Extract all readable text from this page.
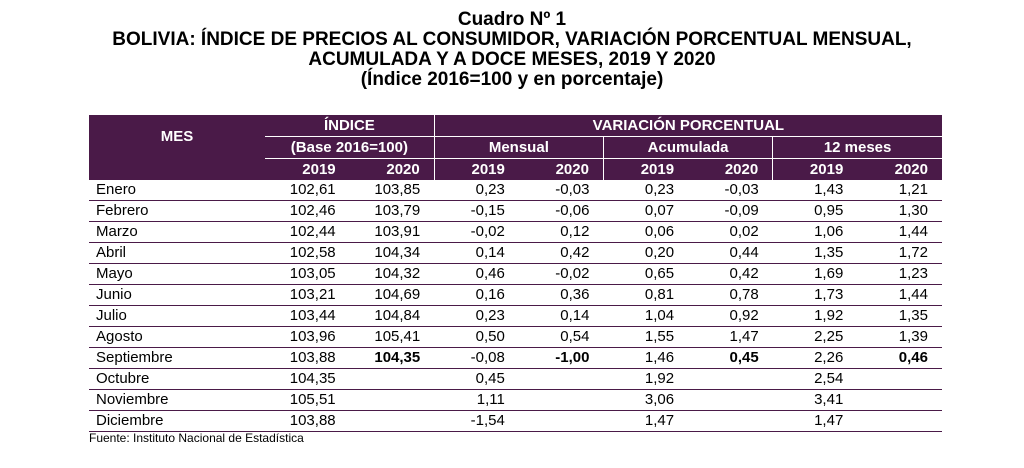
Cuadro Nº 1
BOLIVIA: ÍNDICE DE PRECIOS AL CONSUMIDOR, VARIACIÓN PORCENTUAL MENSUAL,
ACUMULADA Y A DOCE MESES, 2019 Y 2020
(Índice 2016=100 y en porcentaje)
MES	ÍNDICE		VARIACIÓN PORCENTUAL					
	(Base 2016=100)		Mensual		Acumulada		12 meses	
	2019	2020	2019	2020	2019	2020	2019	2020
Enero	102,61	103,85	0,23	-0,03	0,23	-0,03	1,43	1,21
Febrero	102,46	103,79	-0,15	-0,06	0,07	-0,09	0,95	1,30
Marzo	102,44	103,91	-0,02	0,12	0,06	0,02	1,06	1,44
Abril	102,58	104,34	0,14	0,42	0,20	0,44	1,35	1,72
Mayo	103,05	104,32	0,46	-0,02	0,65	0,42	1,69	1,23
Junio	103,21	104,69	0,16	0,36	0,81	0,78	1,73	1,44
Julio	103,44	104,84	0,23	0,14	1,04	0,92	1,92	1,35
Agosto	103,96	105,41	0,50	0,54	1,55	1,47	2,25	1,39
Septiembre	103,88	104,35	-0,08	-1,00	1,46	0,45	2,26	0,46
Octubre	104,35		0,45		1,92		2,54	
Noviembre	105,51		1,11		3,06		3,41	
Diciembre	103,88		-1,54		1,47		1,47	
Fuente: Instituto Nacional de Estadística
